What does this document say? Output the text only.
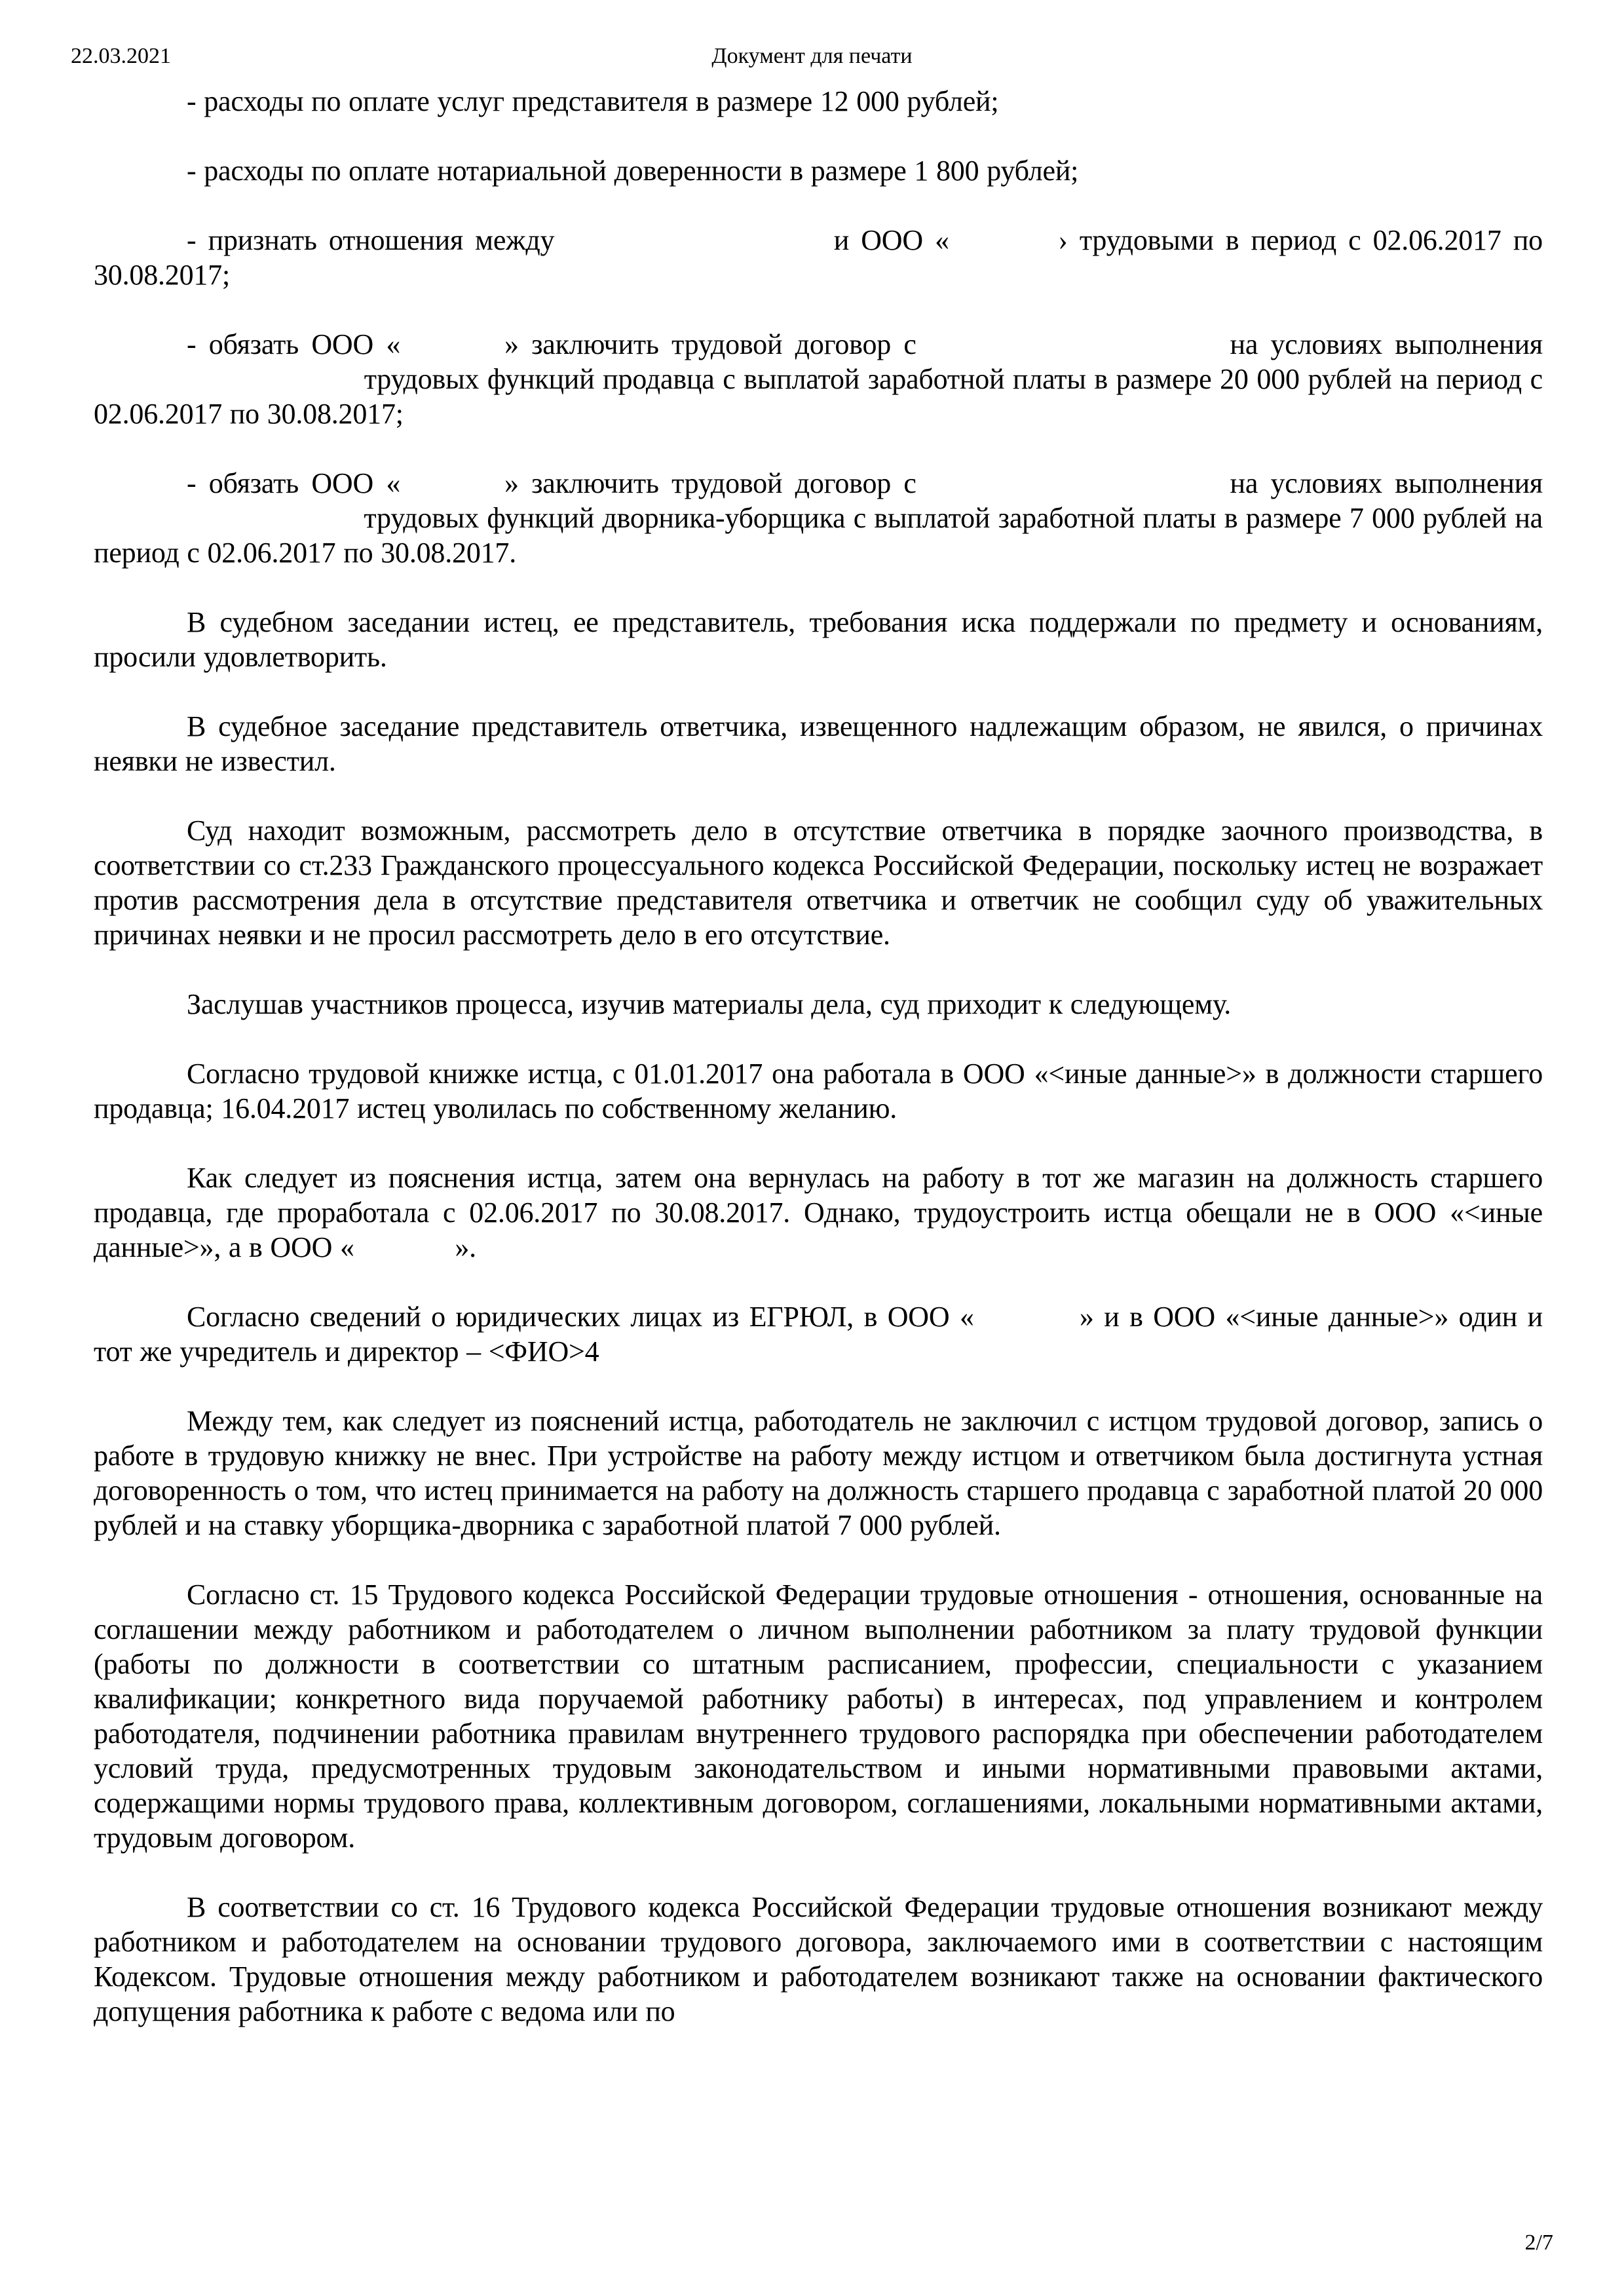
22.03.2021	Документ для печати

- расходы по оплате услуг представителя в размере 12 000 рублей;

- расходы по оплате нотариальной доверенности в размере 1 800 рублей;

- признать отношения между	и ООО «	› трудовыми в период с 02.06.2017 по 30.08.2017;

- обязать ООО «	» заключить трудовой договор с	на условиях выполнения  трудовых функций продавца с выплатой заработной платы в размере 20 000 рублей на период с 02.06.2017 по 30.08.2017;

- обязать ООО «	» заключить трудовой договор с	на условиях выполнения  трудовых функций дворника-уборщика с выплатой заработной платы в размере 7 000 рублей на период с 02.06.2017 по 30.08.2017.

В судебном заседании истец, ее представитель, требования иска поддержали по предмету и основаниям, просили удовлетворить.

В судебное заседание представитель ответчика, извещенного надлежащим образом, не явился, о причинах неявки не известил.

Суд находит возможным, рассмотреть дело в отсутствие ответчика в порядке заочного производства, в соответствии со ст.233 Гражданского процессуального кодекса Российской Федерации, поскольку истец не возражает против рассмотрения дела в отсутствие представителя ответчика и ответчик не сообщил суду об уважительных причинах неявки и не просил рассмотреть дело в его отсутствие.

Заслушав участников процесса, изучив материалы дела, суд приходит к следующему.

Согласно трудовой книжке истца, с 01.01.2017 она работала в ООО «<иные данные>» в должности старшего продавца; 16.04.2017 истец уволилась по собственному желанию.

Как следует из пояснения истца, затем она вернулась на работу в тот же магазин на должность старшего продавца, где проработала с 02.06.2017 по 30.08.2017. Однако, трудоустроить истца обещали не в ООО «<иные данные>», а в ООО «	».

Согласно сведений о юридических лицах из ЕГРЮЛ, в ООО «	» и в ООО «<иные данные>» один и тот же учредитель и директор – <ФИО>4

Между тем, как следует из пояснений истца, работодатель не заключил с истцом трудовой договор, запись о работе в трудовую книжку не внес. При устройстве на работу между истцом и ответчиком была достигнута устная договоренность о том, что истец принимается на работу на должность старшего продавца с заработной платой 20 000 рублей и на ставку уборщика-дворника с заработной платой 7 000 рублей.

Согласно ст. 15 Трудового кодекса Российской Федерации трудовые отношения - отношения, основанные на соглашении между работником и работодателем о личном выполнении работником за плату трудовой функции (работы по должности в соответствии со штатным расписанием, профессии, специальности с указанием квалификации; конкретного вида поручаемой работнику работы) в интересах, под управлением и контролем работодателя, подчинении работника правилам внутреннего трудового распорядка при обеспечении работодателем условий труда, предусмотренных трудовым законодательством и иными нормативными правовыми актами, содержащими нормы трудового права, коллективным договором, соглашениями, локальными нормативными актами, трудовым договором.

В соответствии со ст. 16 Трудового кодекса Российской Федерации трудовые отношения возникают между работником и работодателем на основании трудового договора, заключаемого ими в соответствии с настоящим Кодексом. Трудовые отношения между работником и работодателем возникают также на основании фактического допущения работника к работе с ведома или по

2/7
